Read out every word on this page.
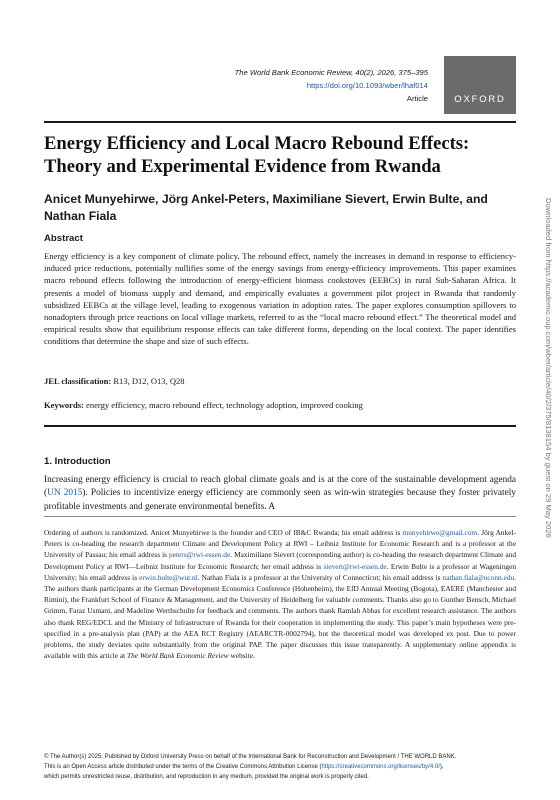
The World Bank Economic Review, 40(2), 2026, 375–395
https://doi.org/10.1093/wber/lhaf014
Article	OXFORD
Energy Efficiency and Local Macro Rebound Effects: Theory and Experimental Evidence from Rwanda
Anicet Munyehirwe, Jörg Ankel-Peters, Maximiliane Sievert, Erwin Bulte, and Nathan Fiala
Abstract

Energy efficiency is a key component of climate policy. The rebound effect, namely the increases in demand in response to efficiency-induced price reductions, potentially nullifies some of the energy savings from energy-efficiency improvements. This paper examines macro rebound effects following the introduction of energy-efficient biomass cookstoves (EEBCs) in rural Sub-Saharan Africa. It presents a model of biomass supply and demand, and empirically evaluates a government pilot project in Rwanda that randomly subsidized EEBCs at the village level, leading to exogenous variation in adoption rates. The paper explores consumption spillovers to nonadopters through price reactions on local village markets, referred to as the “local macro rebound effect.” The theoretical model and empirical results show that equilibrium response effects can take different forms, depending on the local context. The paper identifies conditions that determine the shape and size of such effects.

JEL classification: R13, D12, O13, Q28
Keywords: energy efficiency, macro rebound effect, technology adoption, improved cooking
1. Introduction

Increasing energy efficiency is crucial to reach global climate goals and is at the core of the sustainable development agenda (UN 2015). Policies to incentivize energy efficiency are commonly seen as win-win strategies because they foster privately profitable investments and generate environmental benefits. A

Ordering of authors is randomized. Anicet Munyehirwe is the founder and CEO of IB&C Rwanda; his email address is munyehirwe@gmail.com. Jörg Ankel-Peters is co-heading the research department Climate and Development Policy at RWI – Leibniz Institute for Economic Research and is a professor at the University of Passau; his email address is peters@rwi-essen.de. Maximiliane Sievert (corresponding author) is co-heading the research department Climate and Development Policy at RWI—Leibniz Institute for Economic Research; her email address is sievert@rwi-essen.de. Erwin Bulte is a professor at Wageningen University; his email address is erwin.bulte@wur.nl. Nathan Fiala is a professor at the University of Connecticut; his email address is nathan.fiala@uconn.edu. The authors thank participants at the German Development Economics Conference (Hohenheim), the EfD Annual Meeting (Bogota), EAERE (Manchester and Rimini), the Frankfurt School of Finance & Management, and the University of Heidelberg for valuable comments. Thanks also go to Gunther Bensch, Michael Grimm, Faraz Usmani, and Madeline Werthschulte for feedback and comments. The authors thank Ramlah Abbas for excellent research assistance. The authors also thank REG/EDCL and the Ministry of Infrastructure of Rwanda for their cooperation in implementing the study. This paper’s main hypotheses were pre-specified in a pre-analysis plan (PAP) at the AEA RCT Registry (AEARCTR-0002794), but the theoretical model was developed ex post. Due to power problems, the study deviates quite substantially from the original PAP. The paper discusses this issue transparently. A supplementary online appendix is available with this article at The World Bank Economic Review website.

© The Author(s) 2025. Published by Oxford University Press on behalf of the International Bank for Reconstruction and Development / THE WORLD BANK.
This is an Open Access article distributed under the terms of the Creative Commons Attribution License (https://creativecommons.org/licenses/by/4.0/),
which permits unrestricted reuse, distribution, and reproduction in any medium, provided the original work is properly cited.
Downloaded from https://academic.oup.com/wber/article/40/2/375/8138154 by guest on 29 May 2026
